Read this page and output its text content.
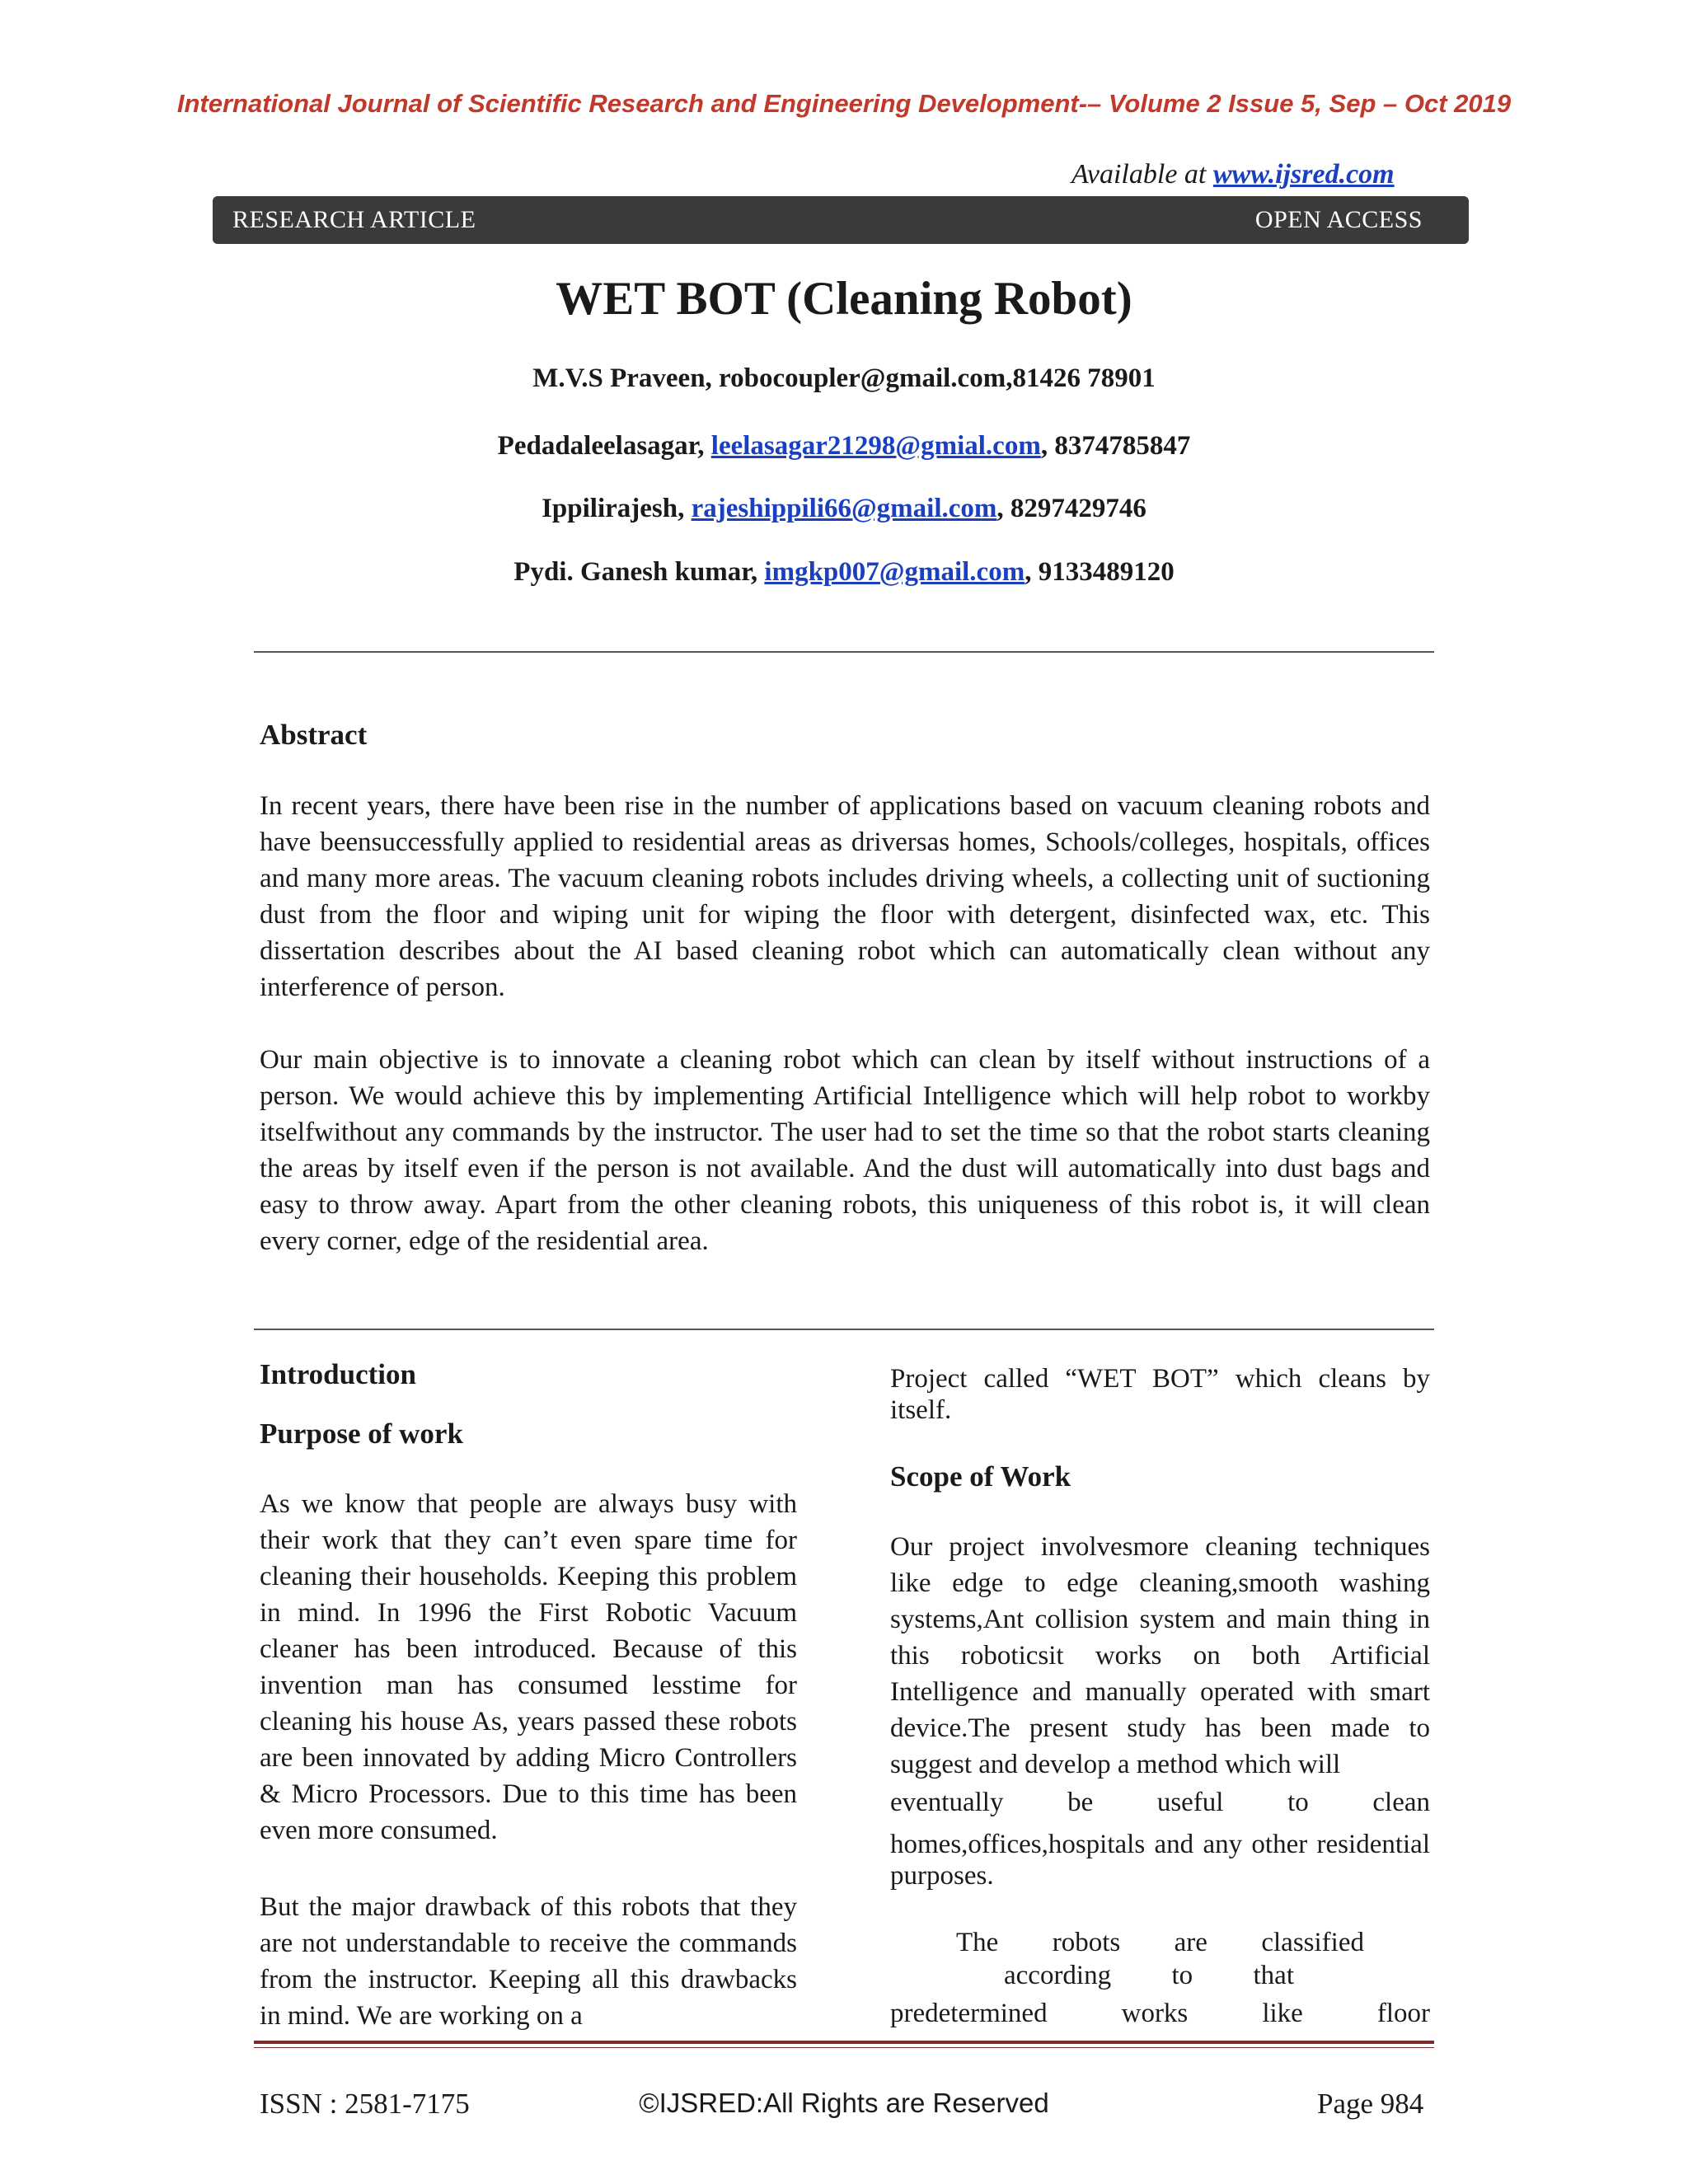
International Journal of Scientific Research and Engineering Development-– Volume 2 Issue 5, Sep – Oct 2019
Available at www.ijsred.com
RESEARCH ARTICLE	OPEN ACCESS
WET BOT (Cleaning Robot)
M.V.S Praveen, robocoupler@gmail.com,81426 78901
Pedadaleelasagar, leelasagar21298@gmial.com, 8374785847
Ippilirajesh, rajeshippili66@gmail.com, 8297429746
Pydi. Ganesh kumar, imgkp007@gmail.com, 9133489120
Abstract
In recent years, there have been rise in the number of applications based on vacuum cleaning robots and have beensuccessfully applied to residential areas as driversas homes, Schools/colleges, hospitals, offices and many more areas. The vacuum cleaning robots includes driving wheels, a collecting unit of suctioning dust from the floor and wiping unit for wiping the floor with detergent, disinfected wax, etc. This dissertation describes about the AI based cleaning robot which can automatically clean without any interference of person.
Our main objective is to innovate a cleaning robot which can clean by itself without instructions of a person. We would achieve this by implementing Artificial Intelligence which will help robot to workby itselfwithout any commands by the instructor. The user had to set the time so that the robot starts cleaning the areas by itself even if the person is not available. And the dust will automatically into dust bags and easy to throw away. Apart from the other cleaning robots, this uniqueness of this robot is, it will clean every corner, edge of the residential area.
Introduction
Purpose of work
As we know that people are always busy with their work that they can’t even spare time for cleaning their households. Keeping this problem in mind. In 1996 the First Robotic Vacuum cleaner has been introduced. Because of this invention man has consumed lesstime for cleaning his house As, years passed these robots are been innovated by adding Micro Controllers & Micro Processors. Due to this time has been even more consumed.
But the major drawback of this robots that they are not understandable to receive the commands from the instructor. Keeping all this drawbacks in mind. We are working on a
Project called “WET BOT” which cleans by itself.
Scope of Work
Our project involvesmore cleaning techniques like edge to edge cleaning,smooth washing systems,Ant collision system and main thing in this roboticsit works on both Artificial Intelligence and manually operated with smart device.The present study has been made to suggest and develop a method which will
eventually be useful to clean
homes,offices,hospitals and any other residential purposes.
The robots are classified
according to that
predetermined works like floor
ISSN : 2581-7175	©IJSRED:All Rights are Reserved	Page 984
